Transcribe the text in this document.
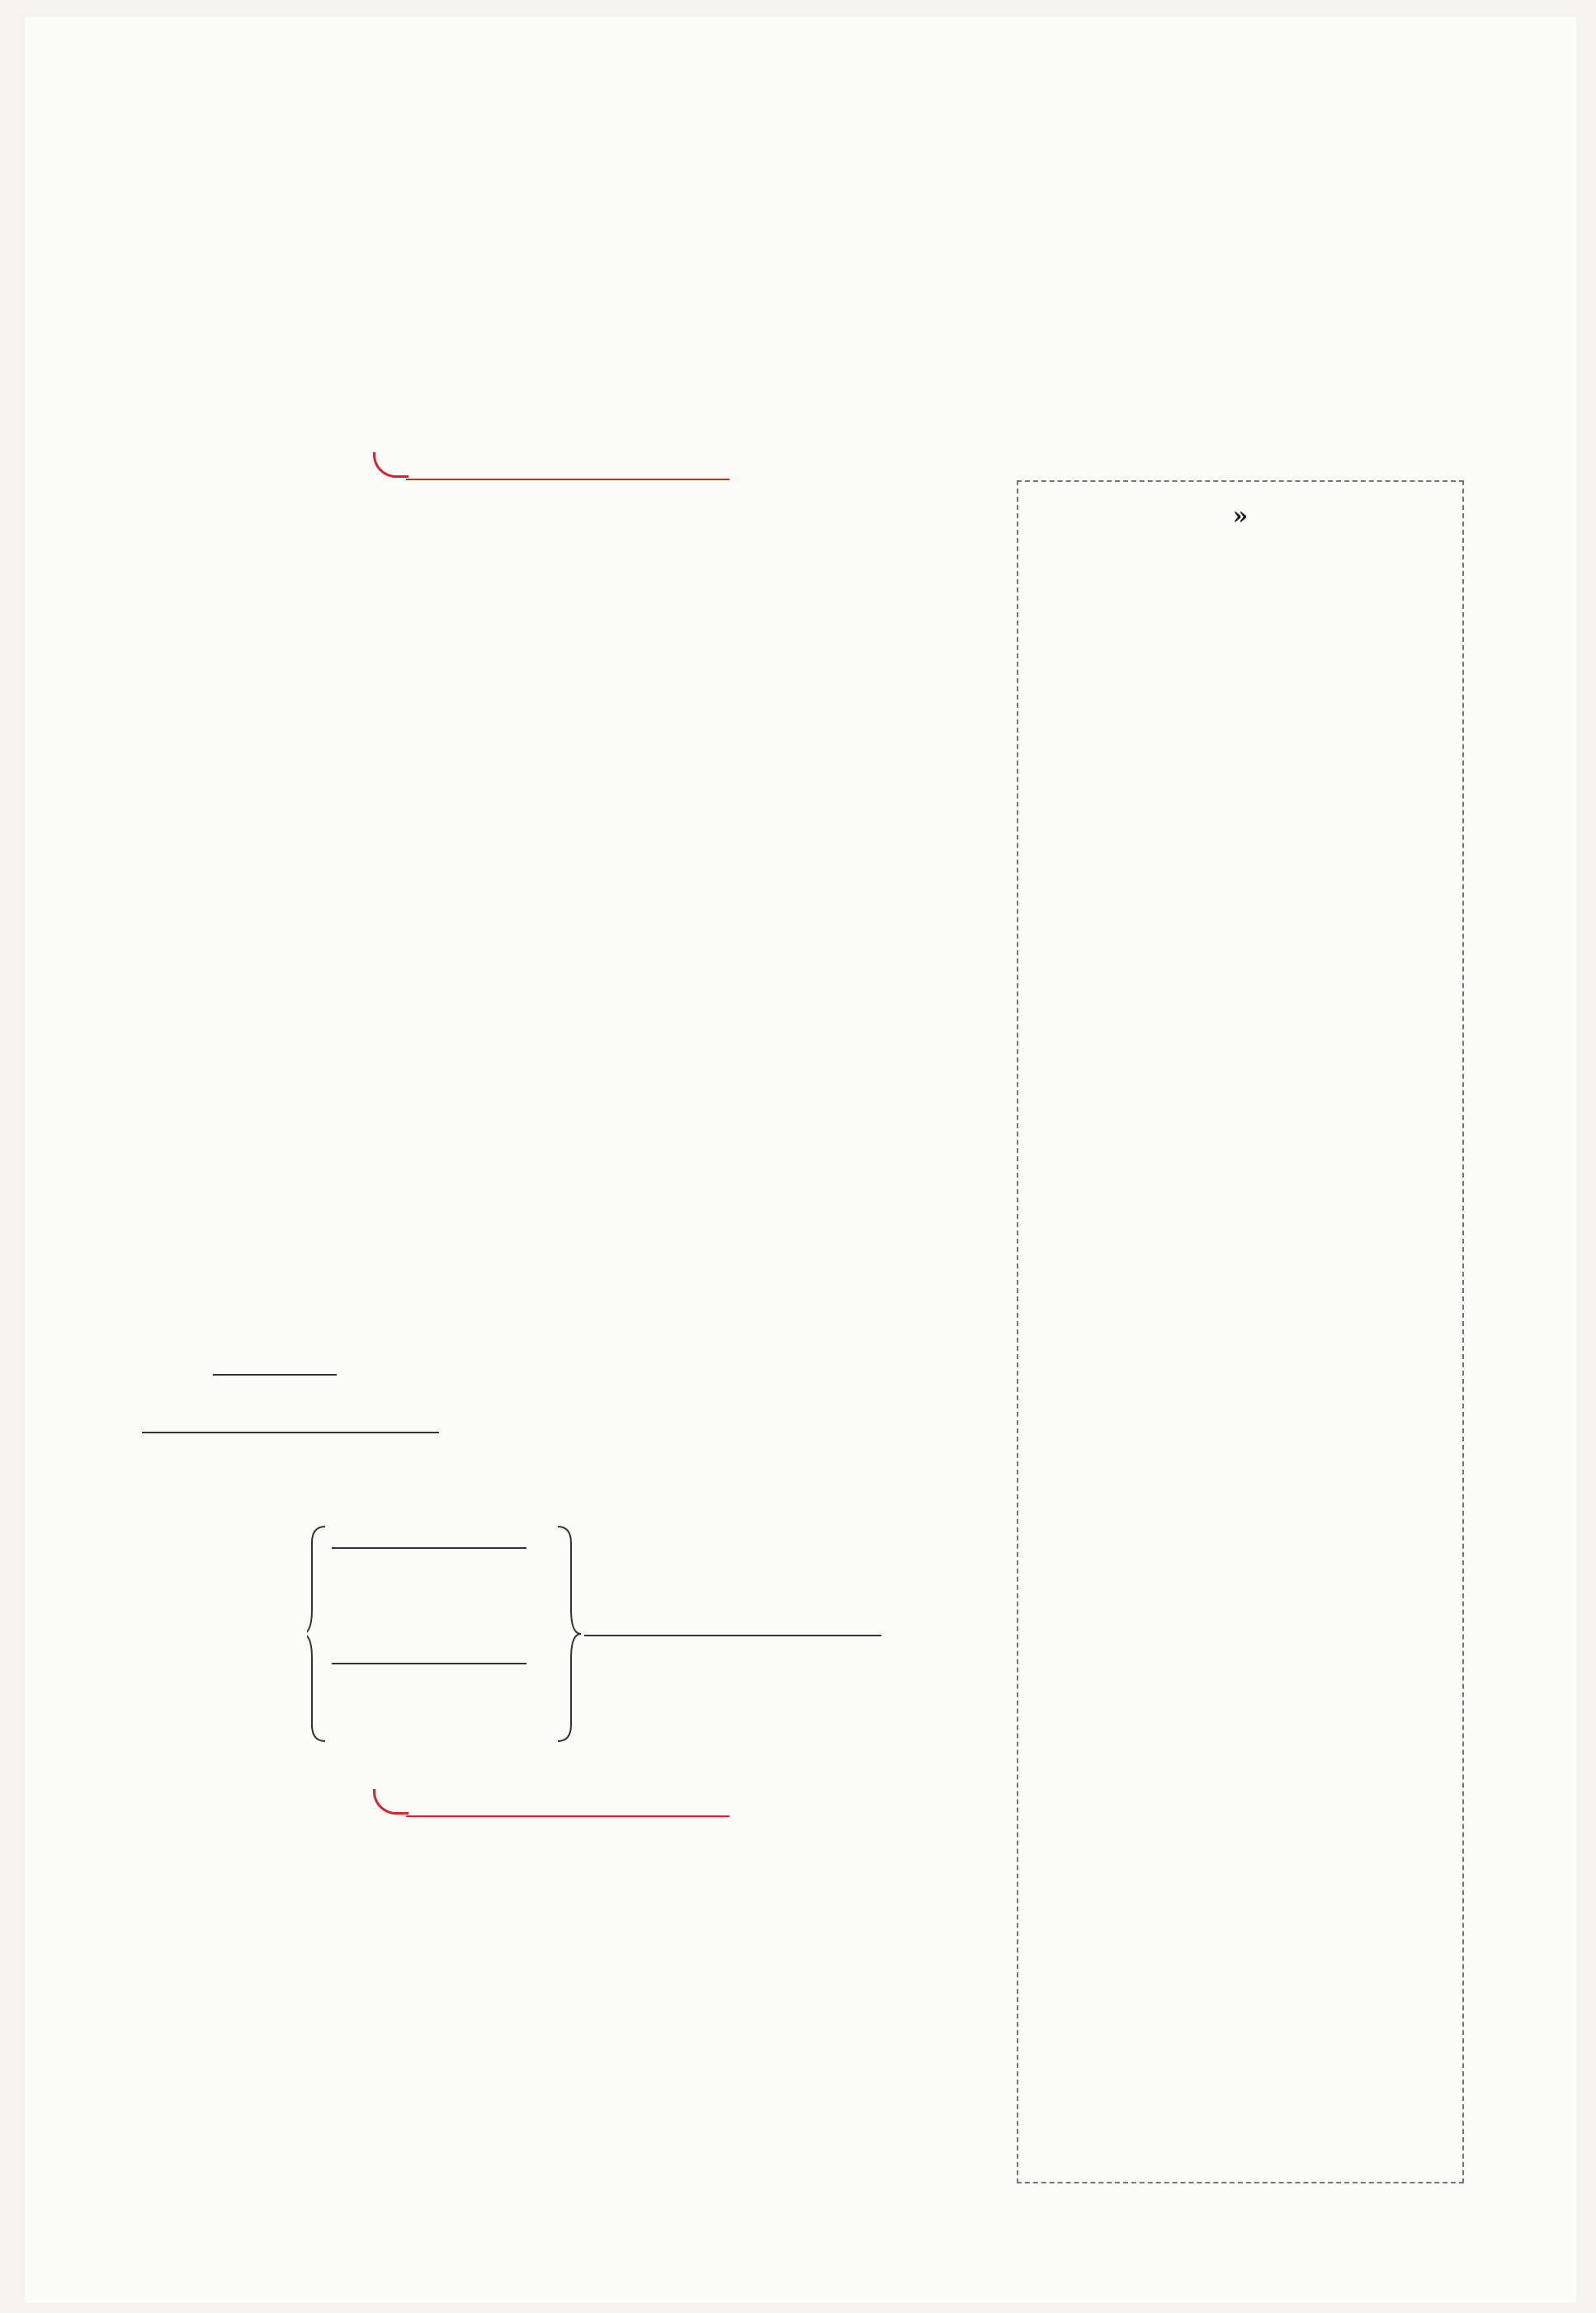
»
